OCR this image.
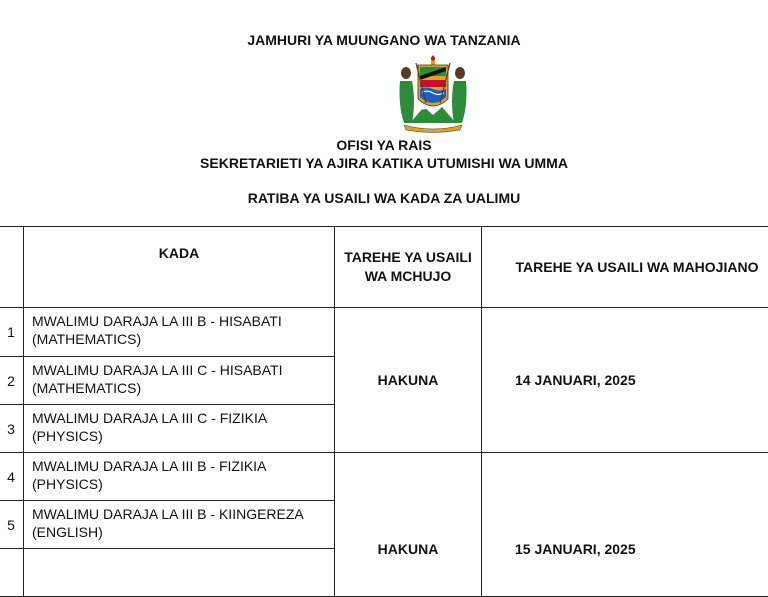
JAMHURI YA MUUNGANO WA TANZANIA
OFISI YA RAIS
SEKRETARIETI YA AJIRA KATIKA UTUMISHI WA UMMA
RATIBA YA USAILI WA KADA ZA UALIMU
	KADA	TAREHE YA USAILI WA MCHUJO	TAREHE YA USAILI WA MAHOJIANO
1	MWALIMU DARAJA LA III B - HISABATI (MATHEMATICS)	HAKUNA	14 JANUARI, 2025
2	MWALIMU DARAJA LA III C - HISABATI (MATHEMATICS)		
3	MWALIMU DARAJA LA III C - FIZIKIA (PHYSICS)		
4	MWALIMU DARAJA LA III B - FIZIKIA (PHYSICS)	HAKUNA	15 JANUARI, 2025
5	MWALIMU DARAJA LA III B - KIINGEREZA (ENGLISH)		
